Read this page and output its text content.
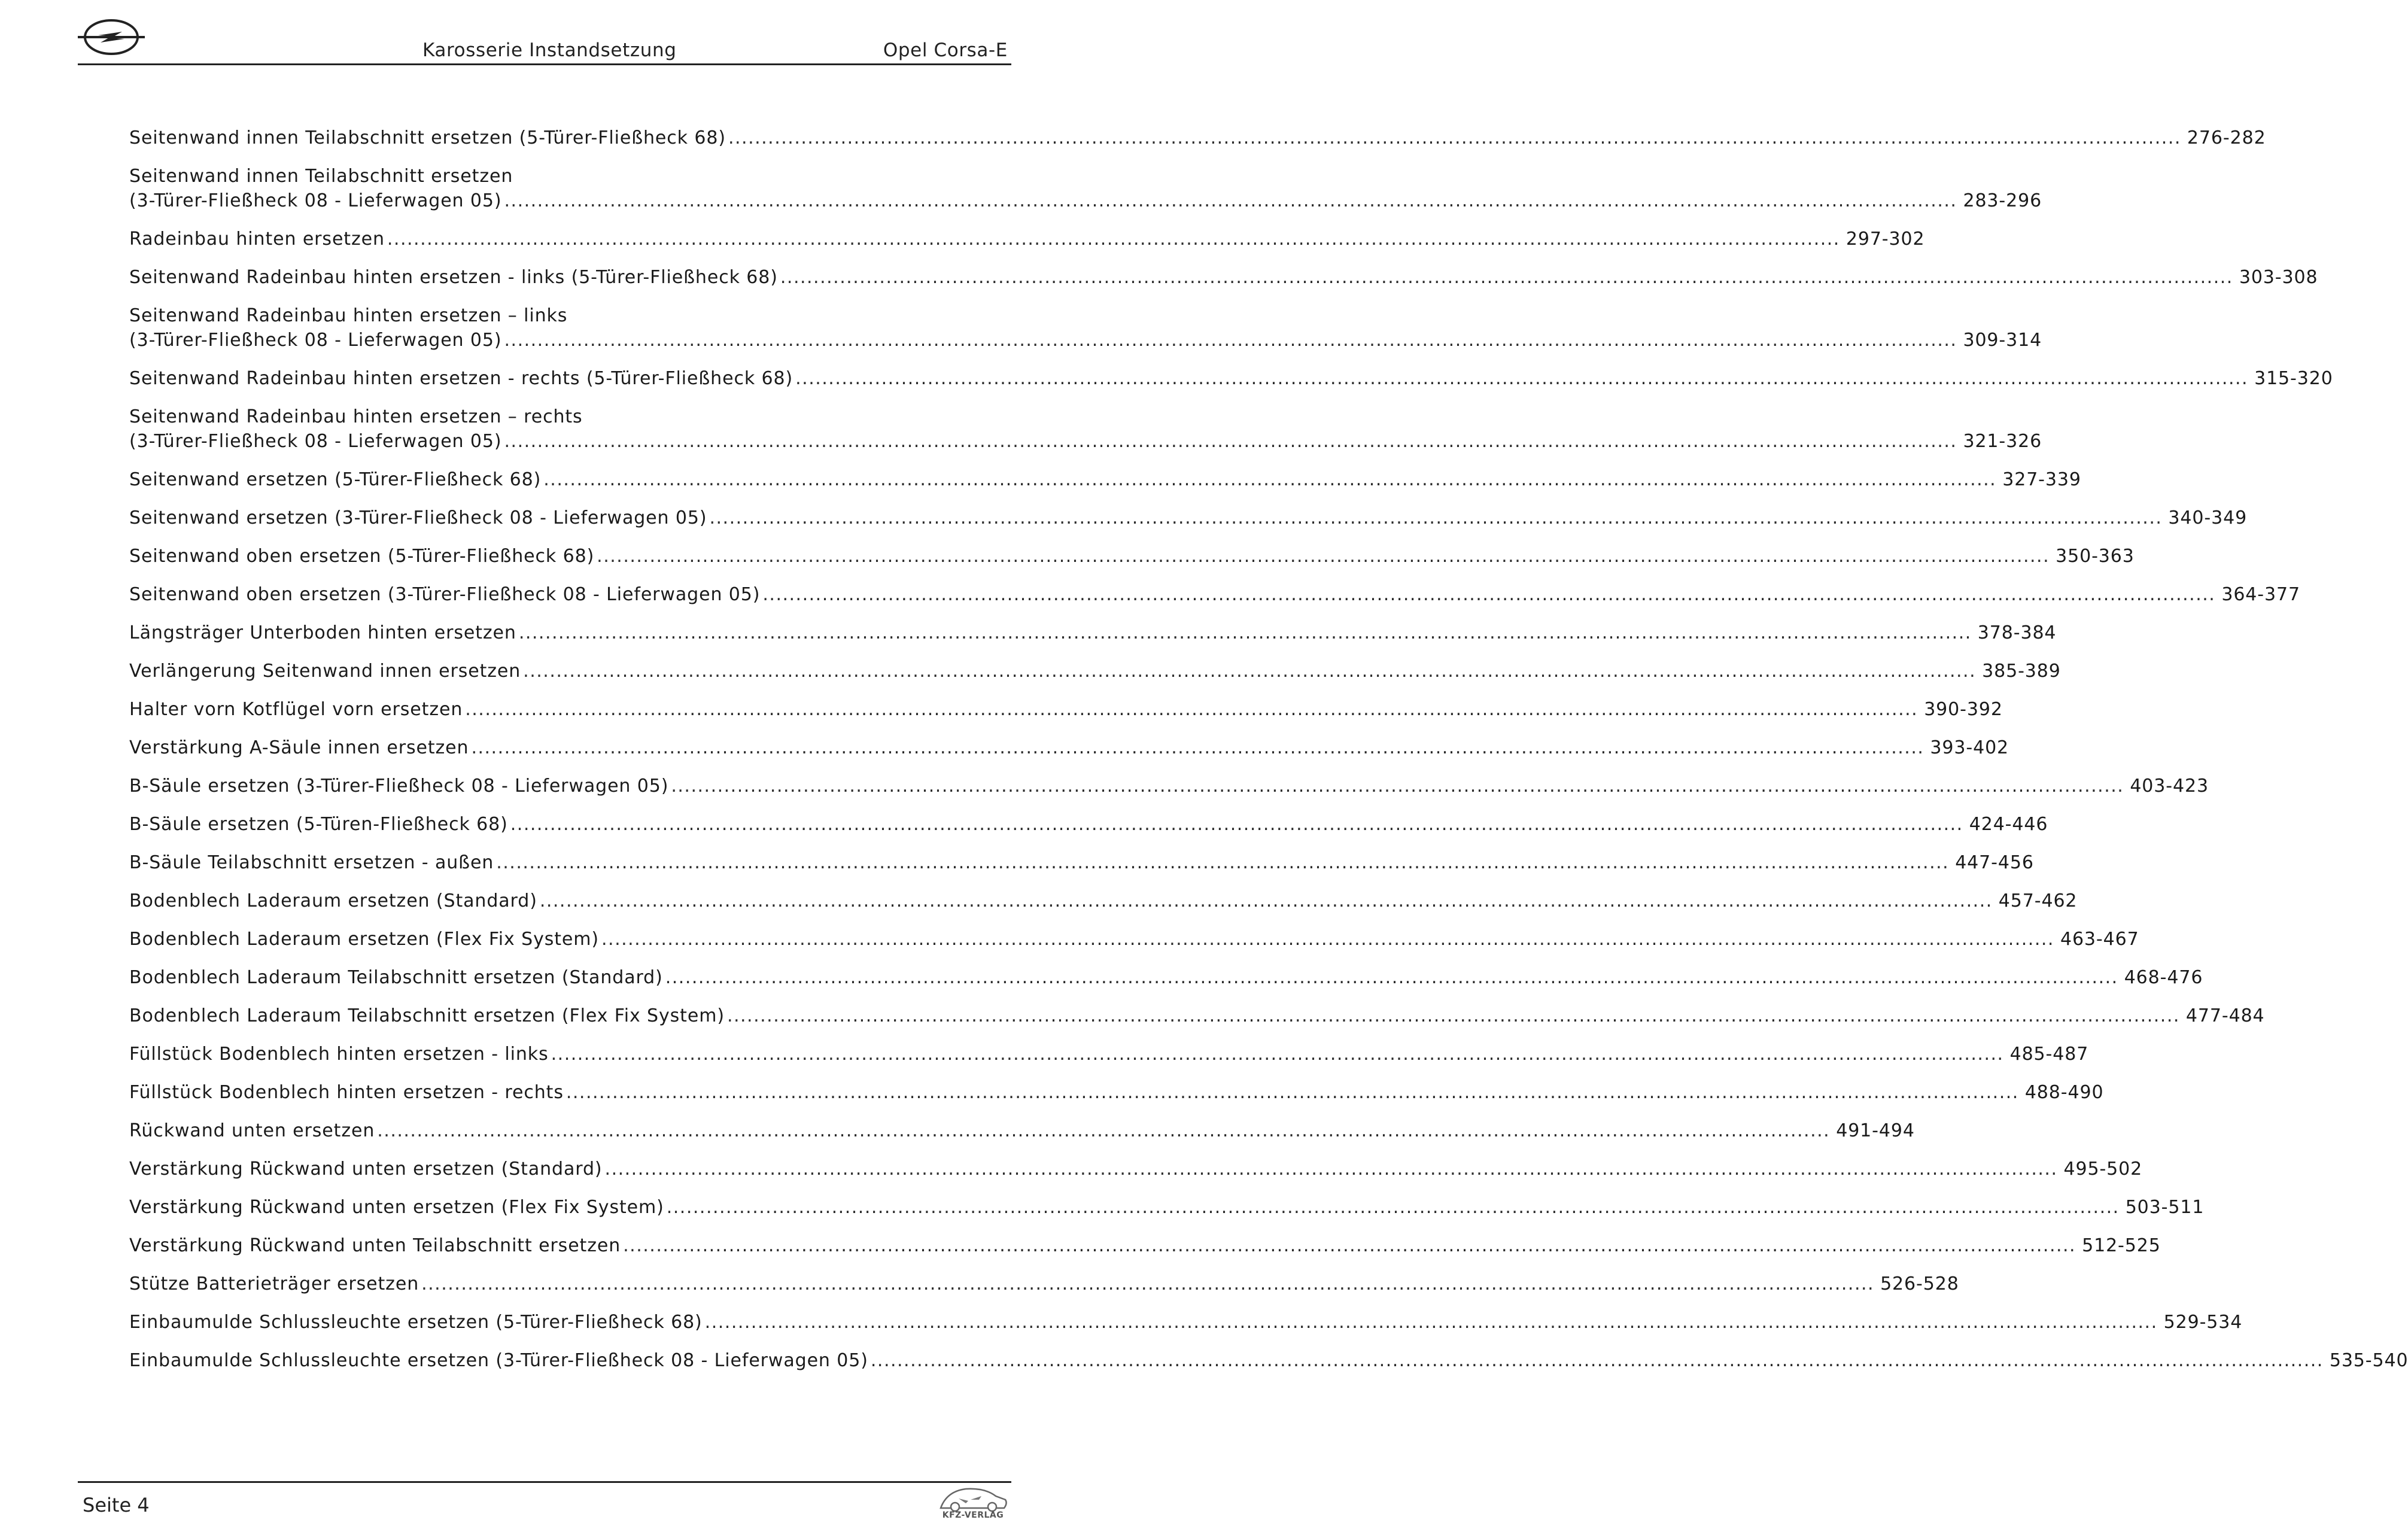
Karosserie Instandsetzung	Opel Corsa-E
Seitenwand innen Teilabschnitt ersetzen (5-Türer-Fließheck 68) ............................................................................................................................................................................................................................ 276-282
Seitenwand innen Teilabschnitt ersetzen
(3-Türer-Fließheck 08 - Lieferwagen 05) ............................................................................................................................................................................................................................ 283-296
Radeinbau hinten ersetzen ............................................................................................................................................................................................................................ 297-302
Seitenwand Radeinbau hinten ersetzen - links (5-Türer-Fließheck 68) ............................................................................................................................................................................................................................ 303-308
Seitenwand Radeinbau hinten ersetzen – links
(3-Türer-Fließheck 08 - Lieferwagen 05) ............................................................................................................................................................................................................................ 309-314
Seitenwand Radeinbau hinten ersetzen - rechts (5-Türer-Fließheck 68) ............................................................................................................................................................................................................................ 315-320
Seitenwand Radeinbau hinten ersetzen – rechts
(3-Türer-Fließheck 08 - Lieferwagen 05) ............................................................................................................................................................................................................................ 321-326
Seitenwand ersetzen (5-Türer-Fließheck 68) ............................................................................................................................................................................................................................ 327-339
Seitenwand ersetzen (3-Türer-Fließheck 08 - Lieferwagen 05) ............................................................................................................................................................................................................................ 340-349
Seitenwand oben ersetzen (5-Türer-Fließheck 68) ............................................................................................................................................................................................................................ 350-363
Seitenwand oben ersetzen (3-Türer-Fließheck 08 - Lieferwagen 05) ............................................................................................................................................................................................................................ 364-377
Längsträger Unterboden hinten ersetzen ............................................................................................................................................................................................................................ 378-384
Verlängerung Seitenwand innen ersetzen ............................................................................................................................................................................................................................ 385-389
Halter vorn Kotflügel vorn ersetzen ............................................................................................................................................................................................................................ 390-392
Verstärkung A-Säule innen ersetzen ............................................................................................................................................................................................................................ 393-402
B-Säule ersetzen (3-Türer-Fließheck 08 - Lieferwagen 05) ............................................................................................................................................................................................................................ 403-423
B-Säule ersetzen (5-Türen-Fließheck 68) ............................................................................................................................................................................................................................ 424-446
B-Säule Teilabschnitt ersetzen - außen ............................................................................................................................................................................................................................ 447-456
Bodenblech Laderaum ersetzen (Standard) ............................................................................................................................................................................................................................ 457-462
Bodenblech Laderaum ersetzen (Flex Fix System) ............................................................................................................................................................................................................................ 463-467
Bodenblech Laderaum Teilabschnitt ersetzen (Standard) ............................................................................................................................................................................................................................ 468-476
Bodenblech Laderaum Teilabschnitt ersetzen (Flex Fix System) ............................................................................................................................................................................................................................ 477-484
Füllstück Bodenblech hinten ersetzen - links ............................................................................................................................................................................................................................ 485-487
Füllstück Bodenblech hinten ersetzen - rechts ............................................................................................................................................................................................................................ 488-490
Rückwand unten ersetzen ............................................................................................................................................................................................................................ 491-494
Verstärkung Rückwand unten ersetzen (Standard) ............................................................................................................................................................................................................................ 495-502
Verstärkung Rückwand unten ersetzen (Flex Fix System) ............................................................................................................................................................................................................................ 503-511
Verstärkung Rückwand unten Teilabschnitt ersetzen ............................................................................................................................................................................................................................ 512-525
Stütze Batterieträger ersetzen ............................................................................................................................................................................................................................ 526-528
Einbaumulde Schlussleuchte ersetzen (5-Türer-Fließheck 68) ............................................................................................................................................................................................................................ 529-534
Einbaumulde Schlussleuchte ersetzen (3-Türer-Fließheck 08 - Lieferwagen 05) ............................................................................................................................................................................................................................ 535-540
Seite 4	KFZ-VERLAG
